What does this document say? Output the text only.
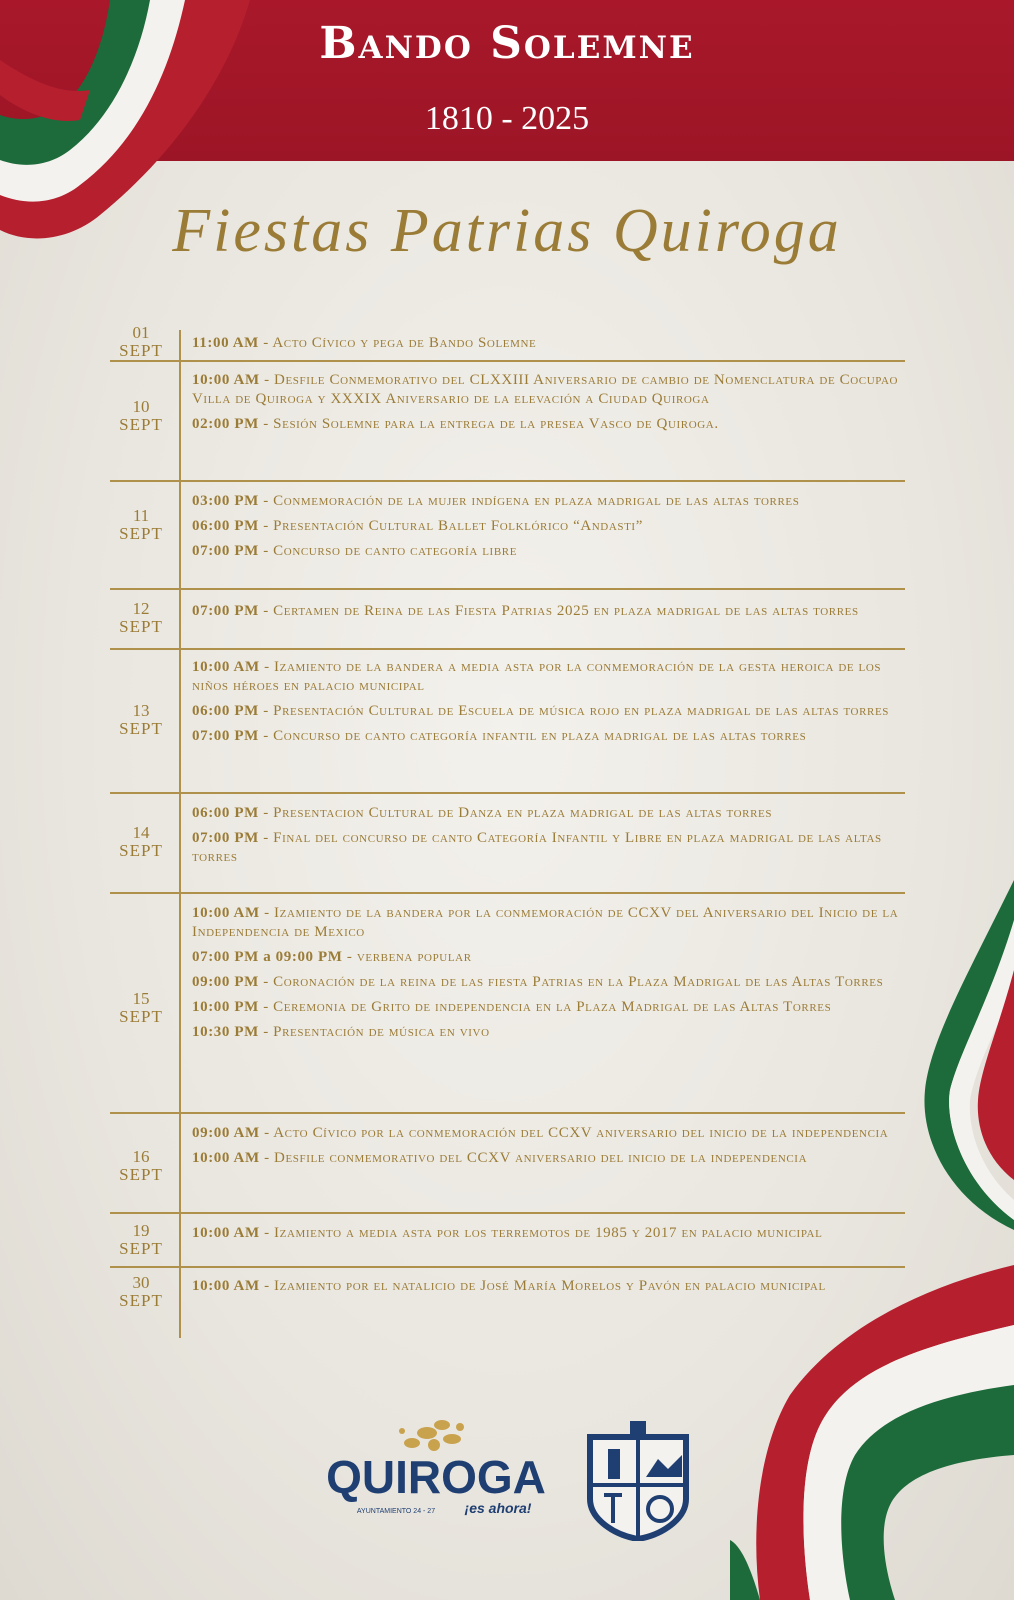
Bando Solemne
1810 - 2025
Fiestas Patrias Quiroga
01
SEPT	11:00 AM - Acto Cívico y pega de Bando Solemne
10
SEPT
10:00 AM - Desfile Conmemorativo del CLXXIII Aniversario de cambio de Nomenclatura de Cocupao Villa de Quiroga y XXXIX Aniversario de la elevación a Ciudad Quiroga
02:00 PM - Sesión Solemne para la entrega de la presea Vasco de Quiroga.
11
SEPT
03:00 PM - Conmemoración de la mujer indígena en plaza madrigal de las altas torres
06:00 PM - Presentación Cultural Ballet Folklórico “Andasti”
07:00 PM - Concurso de canto categoría libre
12
SEPT
07:00 PM - Certamen de Reina de las Fiesta Patrias 2025 en plaza madrigal de las altas torres
13
SEPT
10:00 AM - Izamiento de la bandera a media asta por la conmemoración de la gesta heroica de los niños héroes en palacio municipal
06:00 PM - Presentación Cultural de Escuela de música rojo en plaza madrigal de las altas torres
07:00 PM - Concurso de canto categoría infantil en plaza madrigal de las altas torres
14
SEPT
06:00 PM - Presentacion Cultural de Danza en plaza madrigal de las altas torres
07:00 PM - Final del concurso de canto Categoría Infantil y Libre en plaza madrigal de las altas torres
15
SEPT
10:00 AM - Izamiento de la bandera por la conmemoración de CCXV del Aniversario del Inicio de la Independencia de Mexico
07:00 PM a 09:00 PM - verbena popular
09:00 PM - Coronación de la reina de las fiesta Patrias en la Plaza Madrigal de las Altas Torres
10:00 PM - Ceremonia de Grito de independencia en la Plaza Madrigal de las Altas Torres
10:30 PM - Presentación de música en vivo
16
SEPT
09:00 AM - Acto Cívico por la conmemoración del CCXV aniversario del inicio de la independencia
10:00 AM - Desfile conmemorativo del CCXV aniversario del inicio de la independencia
19
SEPT
10:00 AM - Izamiento a media asta por los terremotos de 1985 y 2017 en palacio municipal
30
SEPT
10:00 AM - Izamiento por el natalicio de José María Morelos y Pavón en palacio municipal
QUIROGA
AYUNTAMIENTO 24 - 27 ¡es ahora!
